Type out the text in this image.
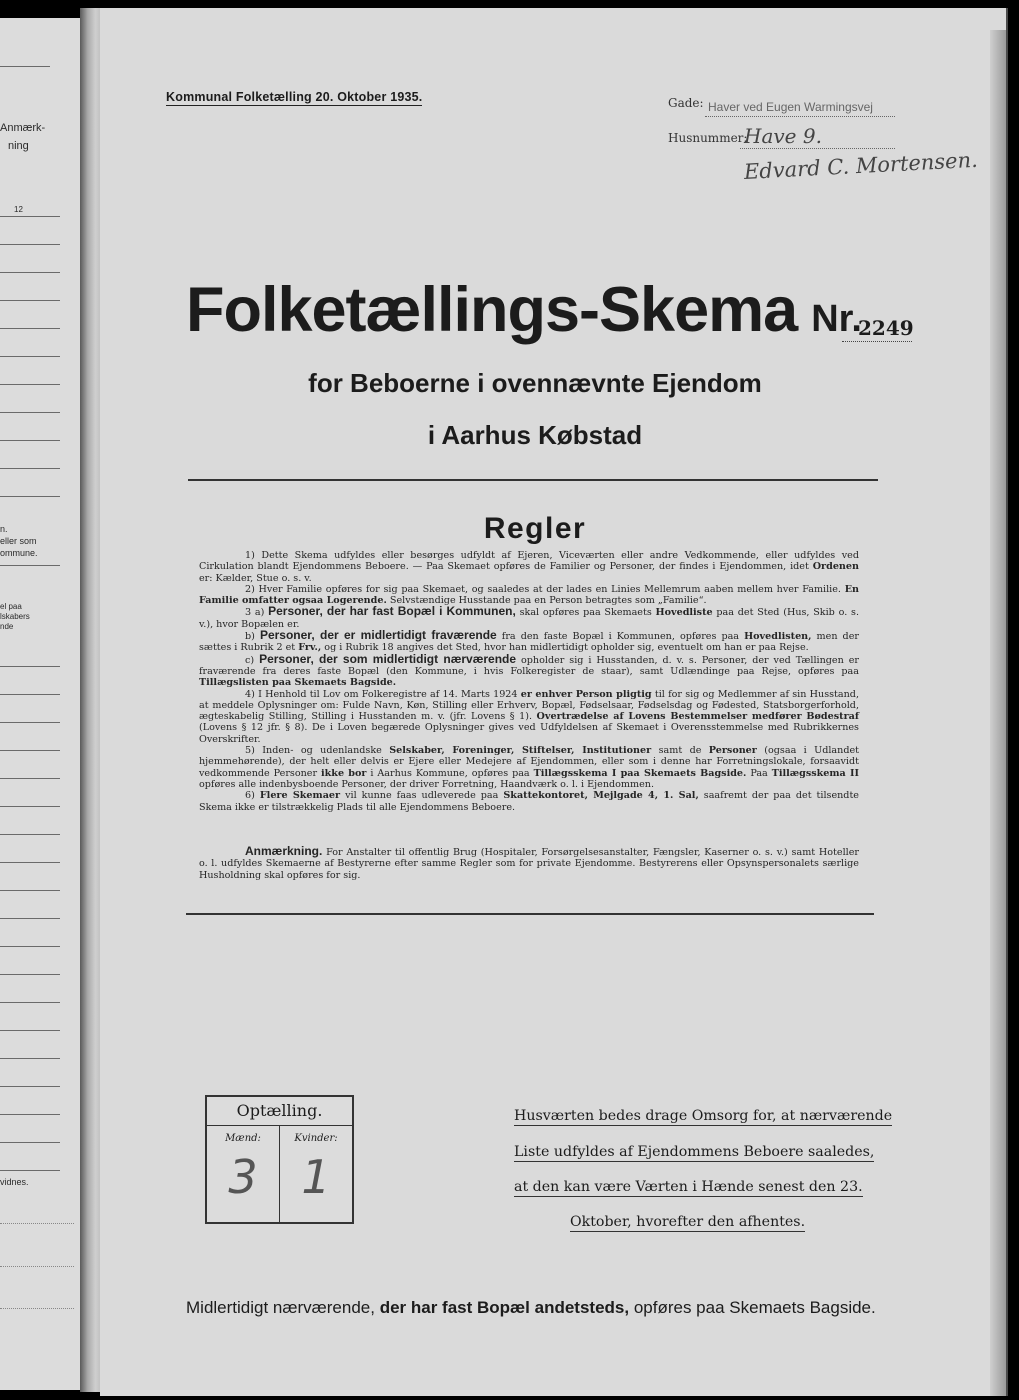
Anmærk-
ning
12
n.
eller som
ommune.
el paa
lskabers
nde
vidnes.
Kommunal Folketælling 20. Oktober 1935.	Gade: Haver ved Eugen Warmingsvej
Husnummer:
Have 9.
Edvard C. Mortensen.
Folketællings-Skema Nr.
2249
for Beboerne i ovennævnte Ejendom
i Aarhus Købstad
Regler

1) Dette Skema udfyldes eller besørges udfyldt af Ejeren, Viceværten eller andre Vedkommende, eller udfyldes ved Cirkulation blandt Ejendommens Beboere. — Paa Skemaet opføres de Familier og Personer, der findes i Ejendommen, idet Ordenen er: Kælder, Stue o. s. v.

2) Hver Familie opføres for sig paa Skemaet, og saaledes at der lades en Linies Mellemrum aaben mellem hver Familie. En Familie omfatter ogsaa Logerende. Selvstændige Husstande paa en Person betragtes som „Familie“.

3 a) Personer, der har fast Bopæl i Kommunen, skal opføres paa Skemaets Hovedliste paa det Sted (Hus, Skib o. s. v.), hvor Bopælen er.

b) Personer, der er midlertidigt fraværende fra den faste Bopæl i Kommunen, opføres paa Hovedlisten, men der sættes i Rubrik 2 et Frv., og i Rubrik 18 angives det Sted, hvor han midlertidigt opholder sig, eventuelt om han er paa Rejse.

c) Personer, der som midlertidigt nærværende opholder sig i Husstanden, d. v. s. Personer, der ved Tællingen er fraværende fra deres faste Bopæl (den Kommune, i hvis Folkeregister de staar), samt Udlændinge paa Rejse, opføres paa Tillægslisten paa Skemaets Bagside.

4) I Henhold til Lov om Folkeregistre af 14. Marts 1924 er enhver Person pligtig til for sig og Medlemmer af sin Husstand, at meddele Oplysninger om: Fulde Navn, Køn, Stilling eller Erhverv, Bopæl, Fødselsaar, Fødselsdag og Fødested, Statsborgerforhold, ægteskabelig Stilling, Stilling i Husstanden m. v. (jfr. Lovens § 1). Overtrædelse af Lovens Bestemmelser medfører Bødestraf (Lovens § 12 jfr. § 8). De i Loven begærede Oplysninger gives ved Udfyldelsen af Skemaet i Overensstemmelse med Rubrikkernes Overskrifter.

5) Inden- og udenlandske Selskaber, Foreninger, Stiftelser, Institutioner samt de Personer (ogsaa i Udlandet hjemmehørende), der helt eller delvis er Ejere eller Medejere af Ejendommen, eller som i denne har Forretningslokale, forsaavidt vedkommende Personer ikke bor i Aarhus Kommune, opføres paa Tillægsskema I paa Skemaets Bagside. Paa Tillægsskema II opføres alle indenbysboende Personer, der driver Forretning, Haandværk o. l. i Ejendommen.

6) Flere Skemaer vil kunne faas udleverede paa Skattekontoret, Mejlgade 4, 1. Sal, saafremt der paa det tilsendte Skema ikke er tilstrækkelig Plads til alle Ejendommens Beboere.

Anmærkning. For Anstalter til offentlig Brug (Hospitaler, Forsørgelsesanstalter, Fængsler, Kaserner o. s. v.) samt Hoteller o. l. udfyldes Skemaerne af Bestyrerne efter samme Regler som for private Ejendomme. Bestyrerens eller Opsynspersonalets særlige Husholdning skal opføres for sig.
Optælling.
Mænd:
3
Kvinder:
1
Husværten bedes drage Omsorg for, at nærværende
Liste udfyldes af Ejendommens Beboere saaledes,
at den kan være Værten i Hænde senest den 23.
Oktober, hvorefter den afhentes.
Midlertidigt nærværende, der har fast Bopæl andetsteds, opføres paa Skemaets Bagside.
